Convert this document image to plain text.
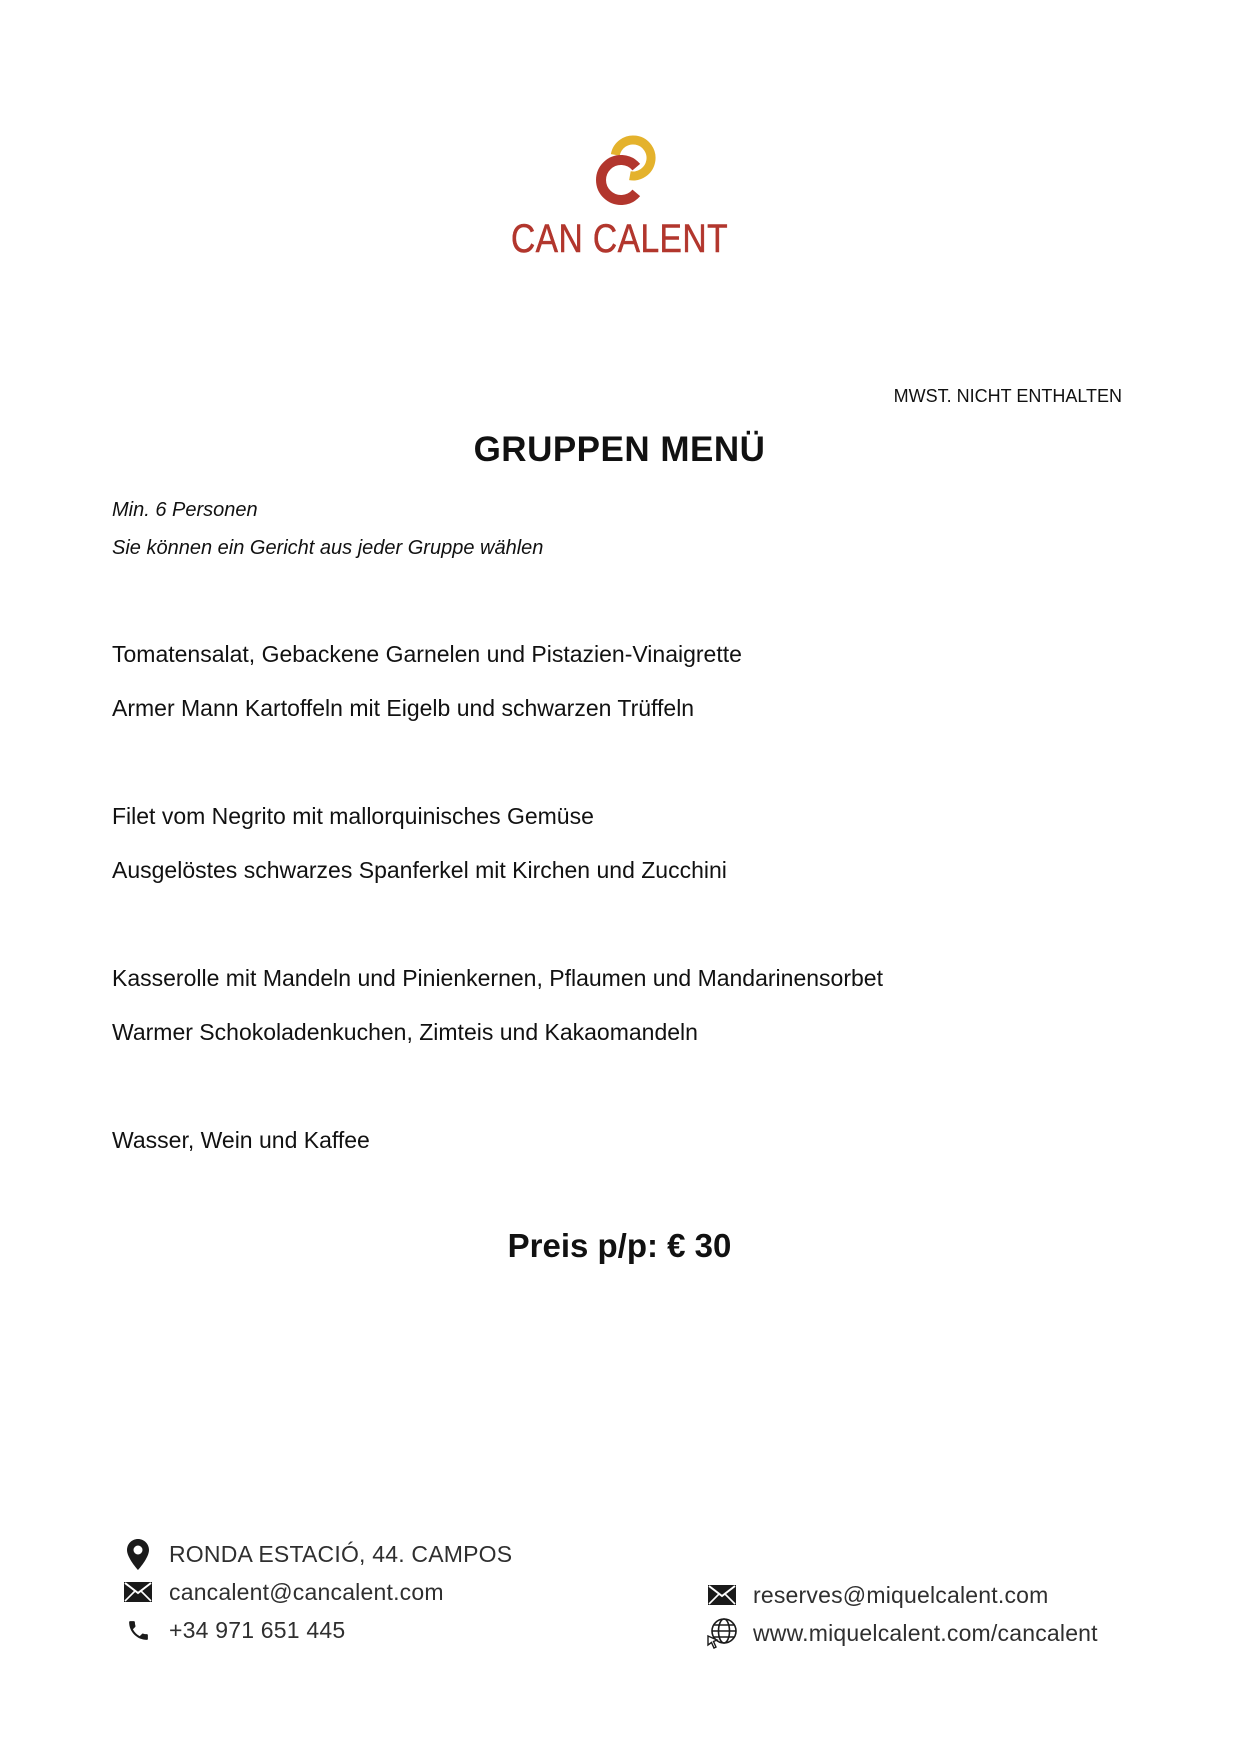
CAN CALENT
MWST. NICHT ENTHALTEN
GRUPPEN MENÜ
Min. 6 Personen
Sie können ein Gericht aus jeder Gruppe wählen
Tomatensalat, Gebackene Garnelen und Pistazien-Vinaigrette
Armer Mann Kartoffeln mit Eigelb und schwarzen Trüffeln
Filet vom Negrito mit mallorquinisches Gemüse
Ausgelöstes schwarzes Spanferkel mit Kirchen und Zucchini
Kasserolle mit Mandeln und Pinienkernen, Pflaumen und Mandarinensorbet
Warmer Schokoladenkuchen, Zimteis und Kakaomandeln
Wasser, Wein und Kaffee
Preis p/p: € 30
RONDA ESTACIÓ, 44. CAMPOS
cancalent@cancalent.com
+34 971 651 445
reserves@miquelcalent.com
www.miquelcalent.com/cancalent
